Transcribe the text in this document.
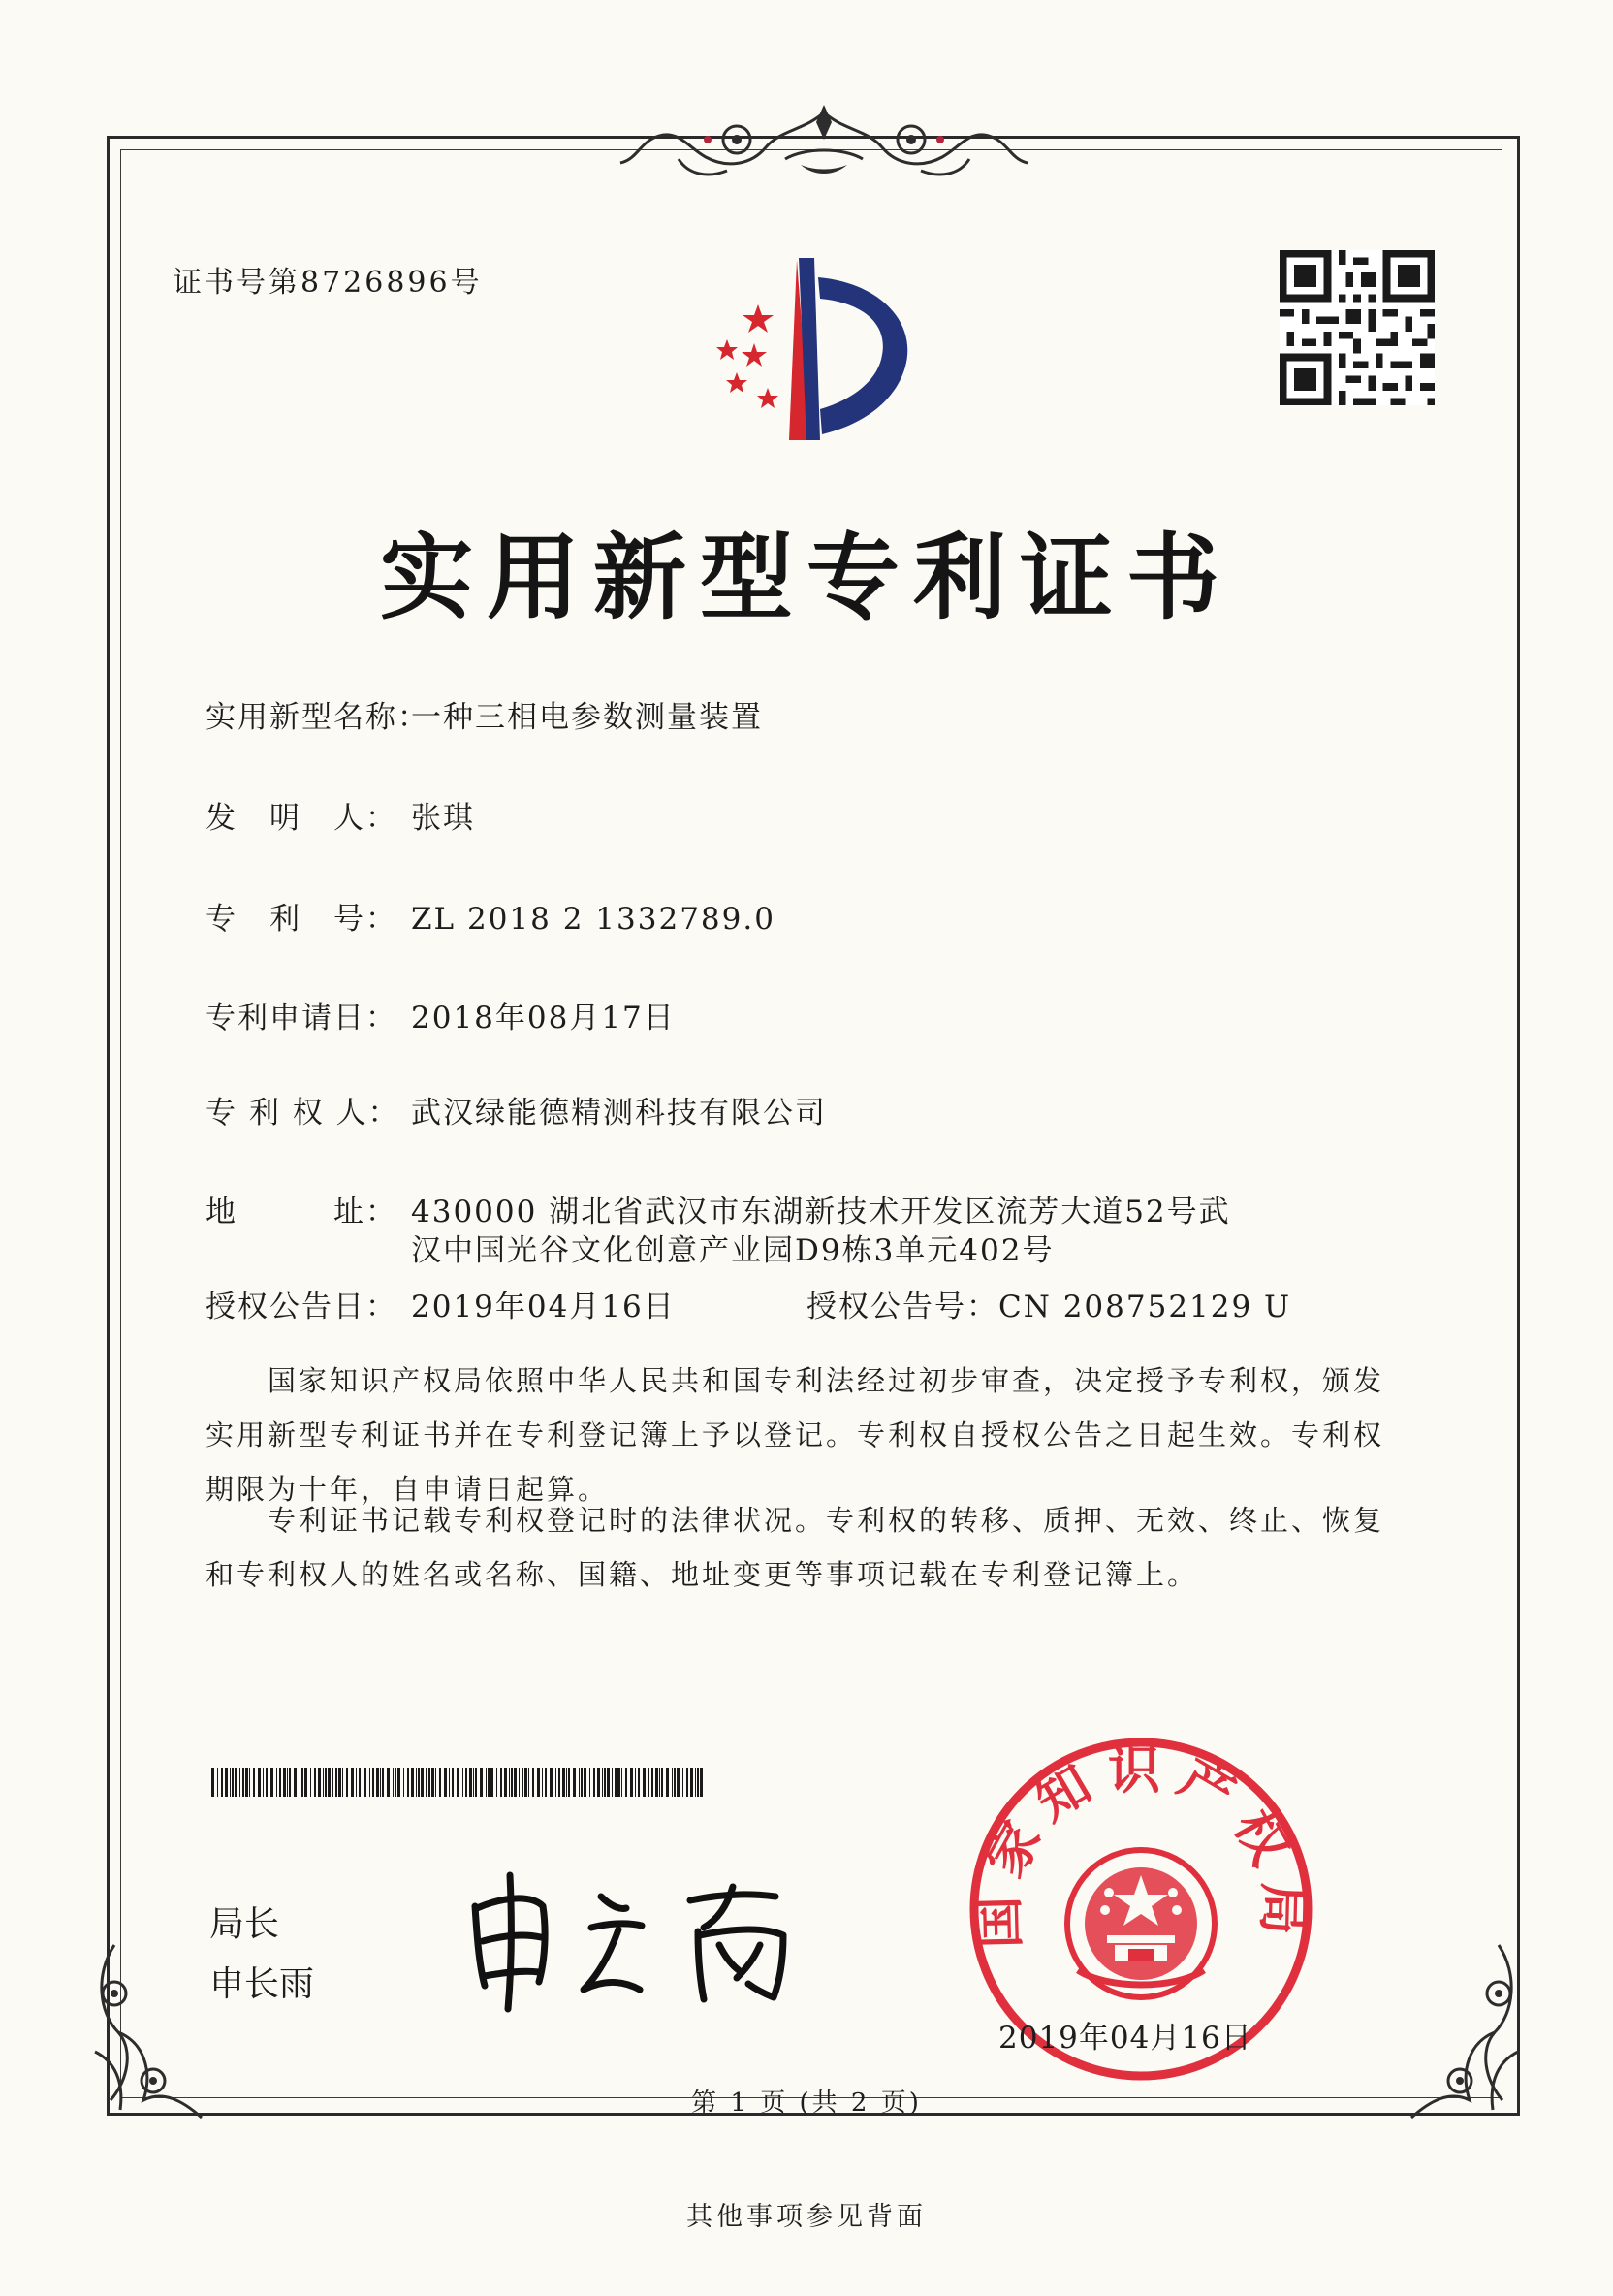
证书号第8726896号
实用新型专利证书
实用新型名称：一种三相电参数测量装置
发　明　人： 张琪
专　利　号： ZL 2018 2 1332789.0
专利申请日： 2018年08月17日
专 利 权 人： 武汉绿能德精测科技有限公司
地　　　址： 430000 湖北省武汉市东湖新技术开发区流芳大道52号武
汉中国光谷文化创意产业园D9栋3单元402号
授权公告日： 2019年04月16日	授权公告号：CN 208752129 U
国家知识产权局依照中华人民共和国专利法经过初步审查，决定授予专利权，颁发实用新型专利证书并在专利登记簿上予以登记。专利权自授权公告之日起生效。专利权期限为十年，自申请日起算。
专利证书记载专利权登记时的法律状况。专利权的转移、质押、无效、终止、恢复和专利权人的姓名或名称、国籍、地址变更等事项记载在专利登记簿上。
局长
申长雨
国家知识产权局
2019年04月16日
第 1 页 (共 2 页)
其他事项参见背面
